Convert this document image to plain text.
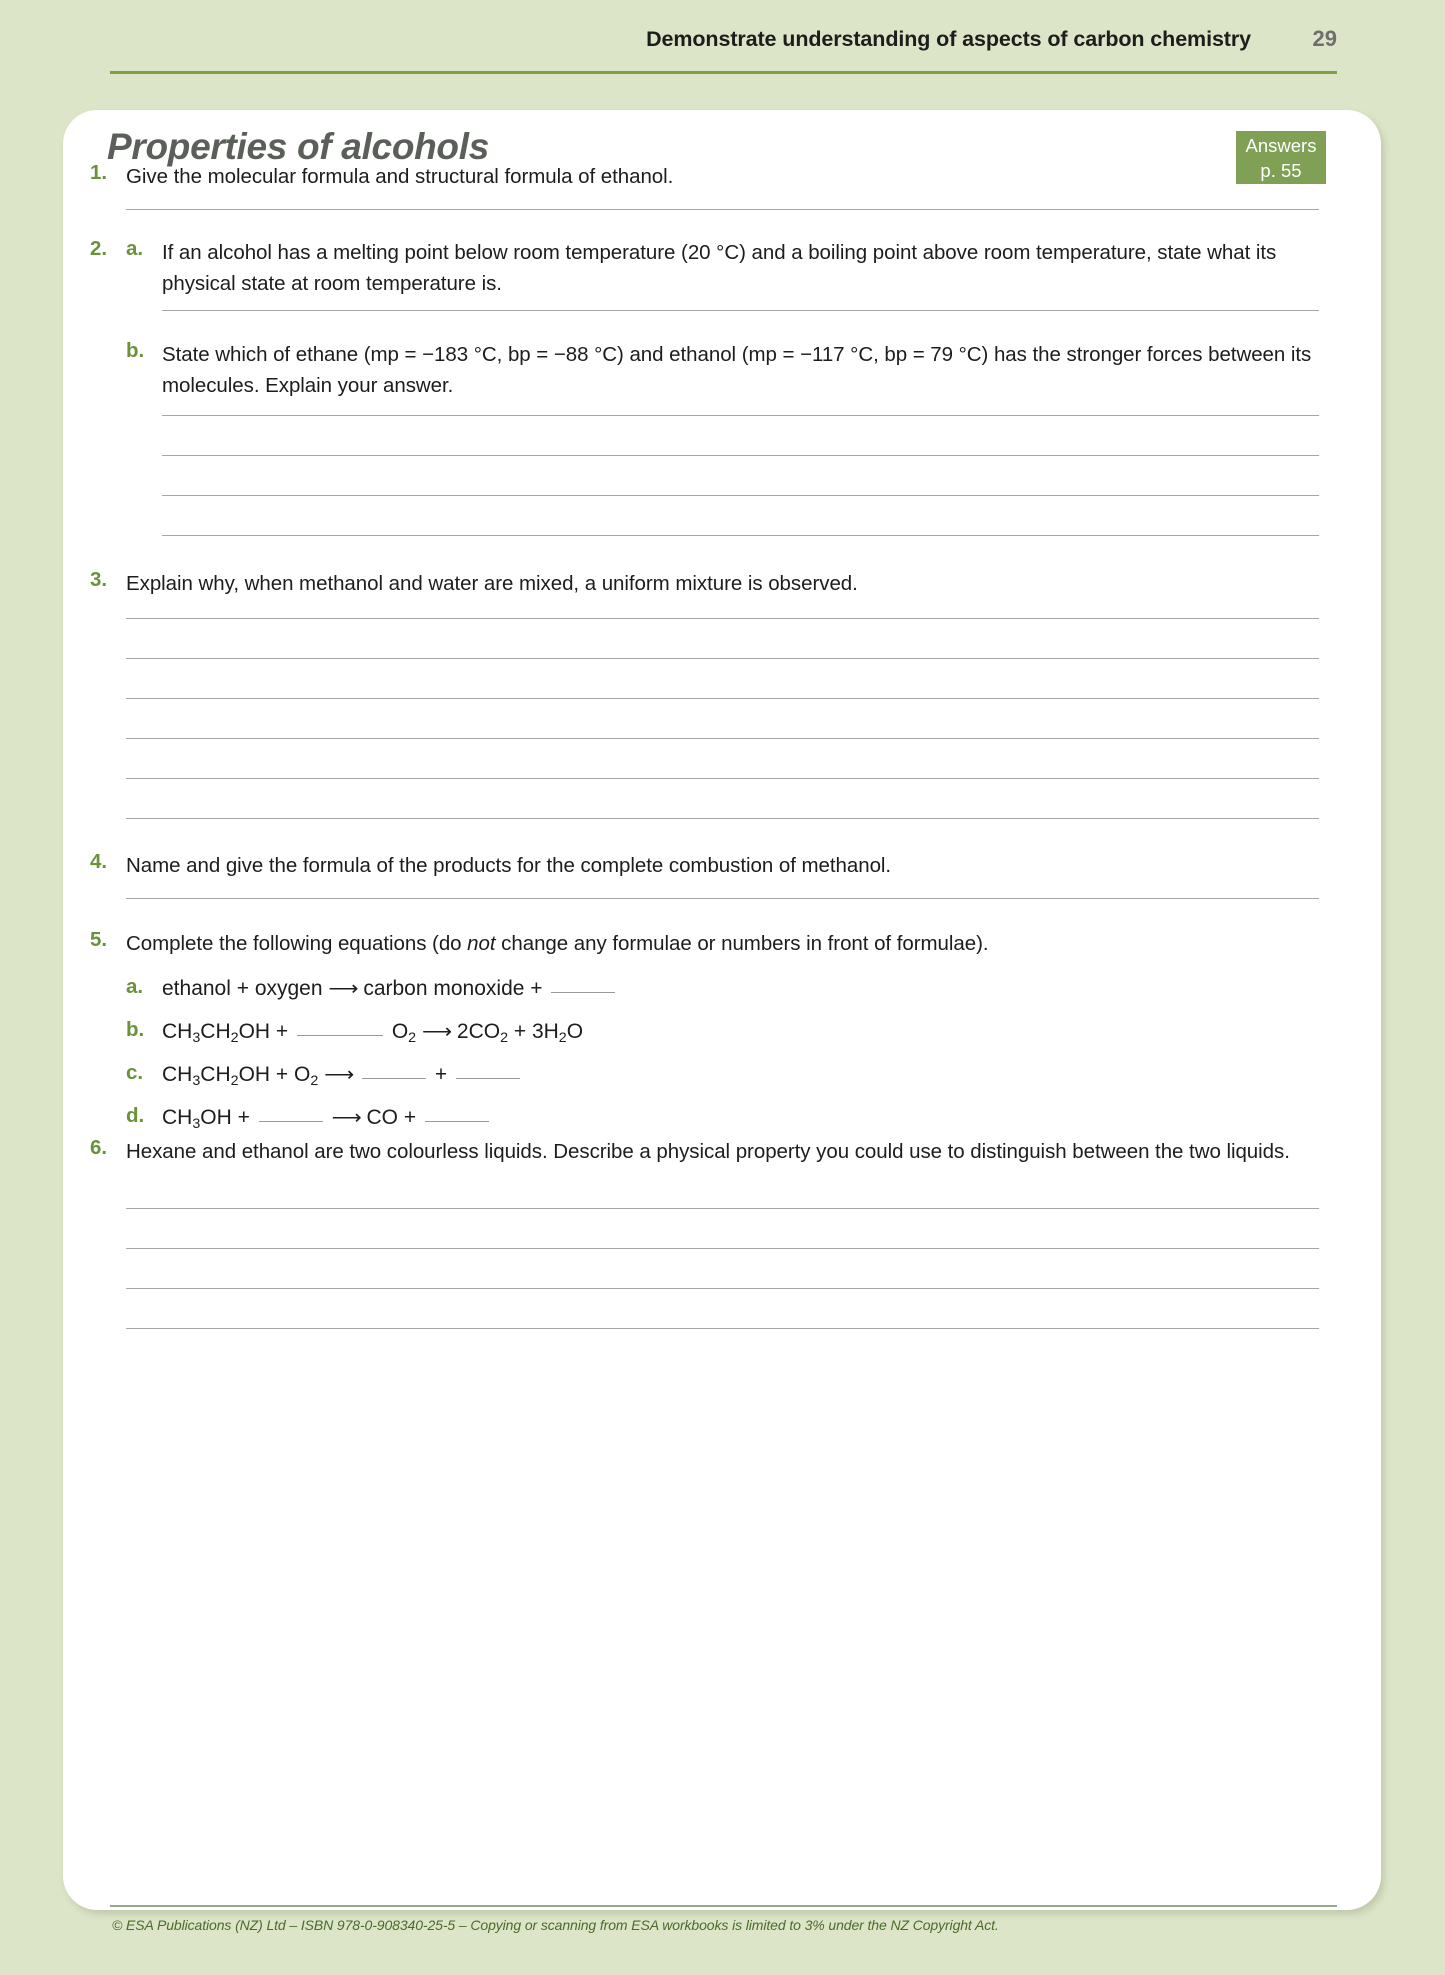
Demonstrate understanding of aspects of carbon chemistry	29
Properties of alcohols	Answers
p. 55
1. Give the molecular formula and structural formula of ethanol.
2. a. If an alcohol has a melting point below room temperature (20 °C) and a boiling point above room temperature, state what its physical state at room temperature is.
b. State which of ethane (mp = −183 °C, bp = −88 °C) and ethanol (mp = −117 °C, bp = 79 °C) has the stronger forces between its molecules. Explain your answer.
3. Explain why, when methanol and water are mixed, a uniform mixture is observed.
4. Name and give the formula of the products for the complete combustion of methanol.
5. Complete the following equations (do not change any formulae or numbers in front of formulae).
a. ethanol + oxygen ⟶ carbon monoxide +
b. $CH_3CH_2OH$ +	$O_2$ ⟶ $2CO_2 + 3H_2O$
c. $CH_3CH_2OH + O_2$ ⟶	+
d. $CH_3OH$ +	⟶ CO +
6. Hexane and ethanol are two colourless liquids. Describe a physical property you could use to distinguish between the two liquids.
© ESA Publications (NZ) Ltd – ISBN 978-0-908340-25-5 – Copying or scanning from ESA workbooks is limited to 3% under the NZ Copyright Act.
